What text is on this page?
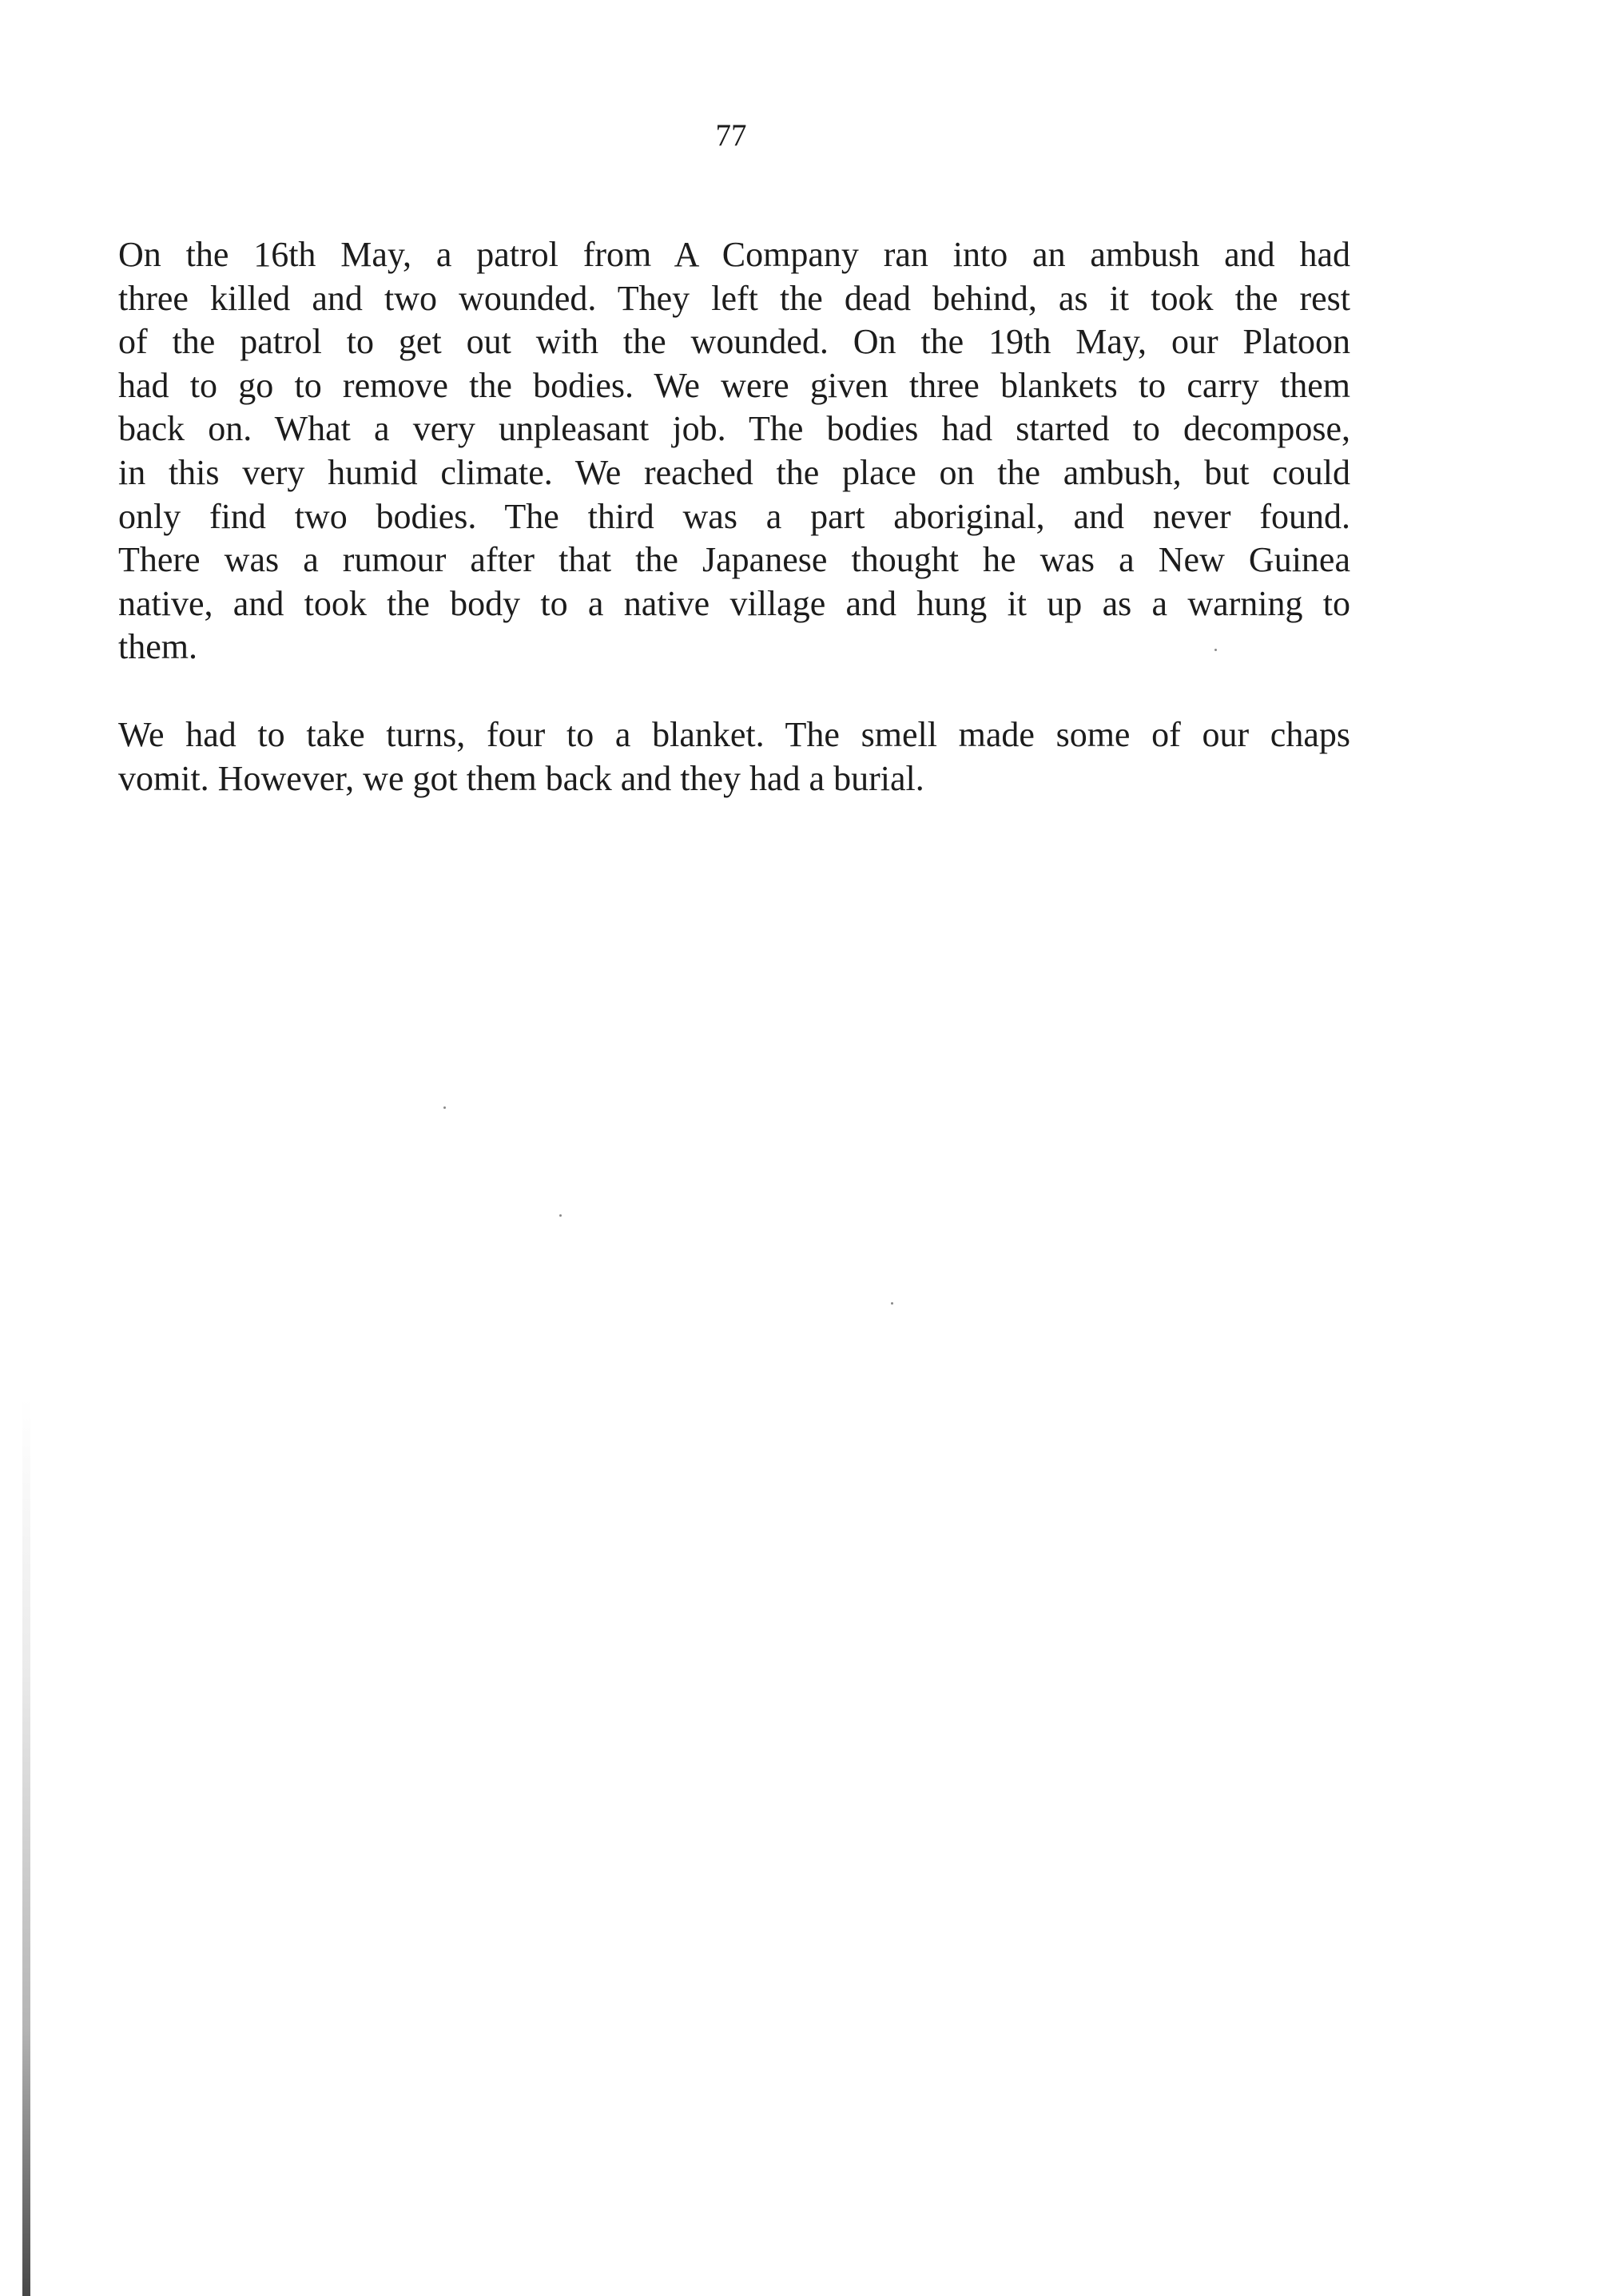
77
On the 16th May, a patrol from A Company ran into an ambush and had
three killed and two wounded. They left the dead behind, as it took the rest
of the patrol to get out with the wounded. On the 19th May, our Platoon
had to go to remove the bodies. We were given three blankets to carry them
back on. What a very unpleasant job. The bodies had started to decompose,
in this very humid climate. We reached the place on the ambush, but could
only find two bodies. The third was a part aboriginal, and never found.
There was a rumour after that the Japanese thought he was a New Guinea
native, and took the body to a native village and hung it up as a warning to
them.
We had to take turns, four to a blanket. The smell made some of our chaps
vomit. However, we got them back and they had a burial.
